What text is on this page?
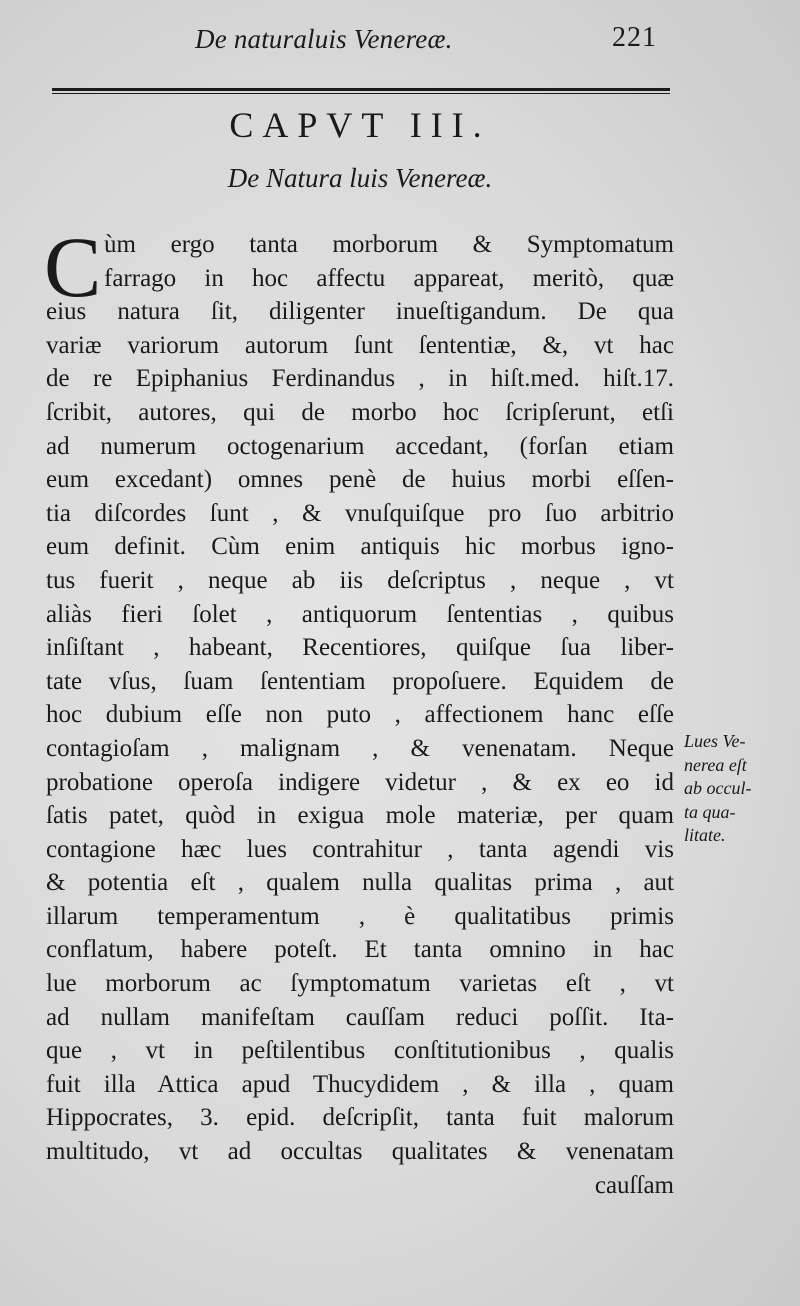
De naturaluis Venereæ.	221
CAPVT III.
De Natura luis Venereæ.
C ùm ergo tanta morborum & Symptomatum
farrago in hoc affectu appareat, meritò, quæ
eius natura ſit, diligenter inueſtigandum. De qua
variæ variorum autorum ſunt ſententiæ, &, vt hac
de re Epiphanius Ferdinandus , in hiſt.med. hiſt.17.
ſcribit, autores, qui de morbo hoc ſcripſerunt, etſi
ad numerum octogenarium accedant, (forſan etiam
eum excedant) omnes penè de huius morbi eſſen-
tia diſcordes ſunt , & vnuſquiſque pro ſuo arbitrio
eum definit. Cùm enim antiquis hic morbus igno-
tus fuerit , neque ab iis deſcriptus , neque , vt
aliàs fieri ſolet , antiquorum ſententias , quibus
inſiſtant , habeant, Recentiores, quiſque ſua liber-
tate vſus, ſuam ſententiam propoſuere. Equidem de
hoc dubium eſſe non puto , affectionem hanc eſſe
contagioſam , malignam , & venenatam. Neque
probatione operoſa indigere videtur , & ex eo id
ſatis patet, quòd in exigua mole materiæ, per quam
contagione hæc lues contrahitur , tanta agendi vis
& potentia eſt , qualem nulla qualitas prima , aut
illarum temperamentum , è qualitatibus primis
conflatum, habere poteſt. Et tanta omnino in hac
lue morborum ac ſymptomatum varietas eſt , vt
ad nullam manifeſtam cauſſam reduci poſſit. Ita-
que , vt in peſtilentibus conſtitutionibus , qualis
fuit illa Attica apud Thucydidem , & illa , quam
Hippocrates, 3. epid. deſcripſit, tanta fuit malorum
multitudo, vt ad occultas qualitates & venenatam
cauſſam
Lues Ve-
nerea eſt
ab occul-
ta qua-
litate.
